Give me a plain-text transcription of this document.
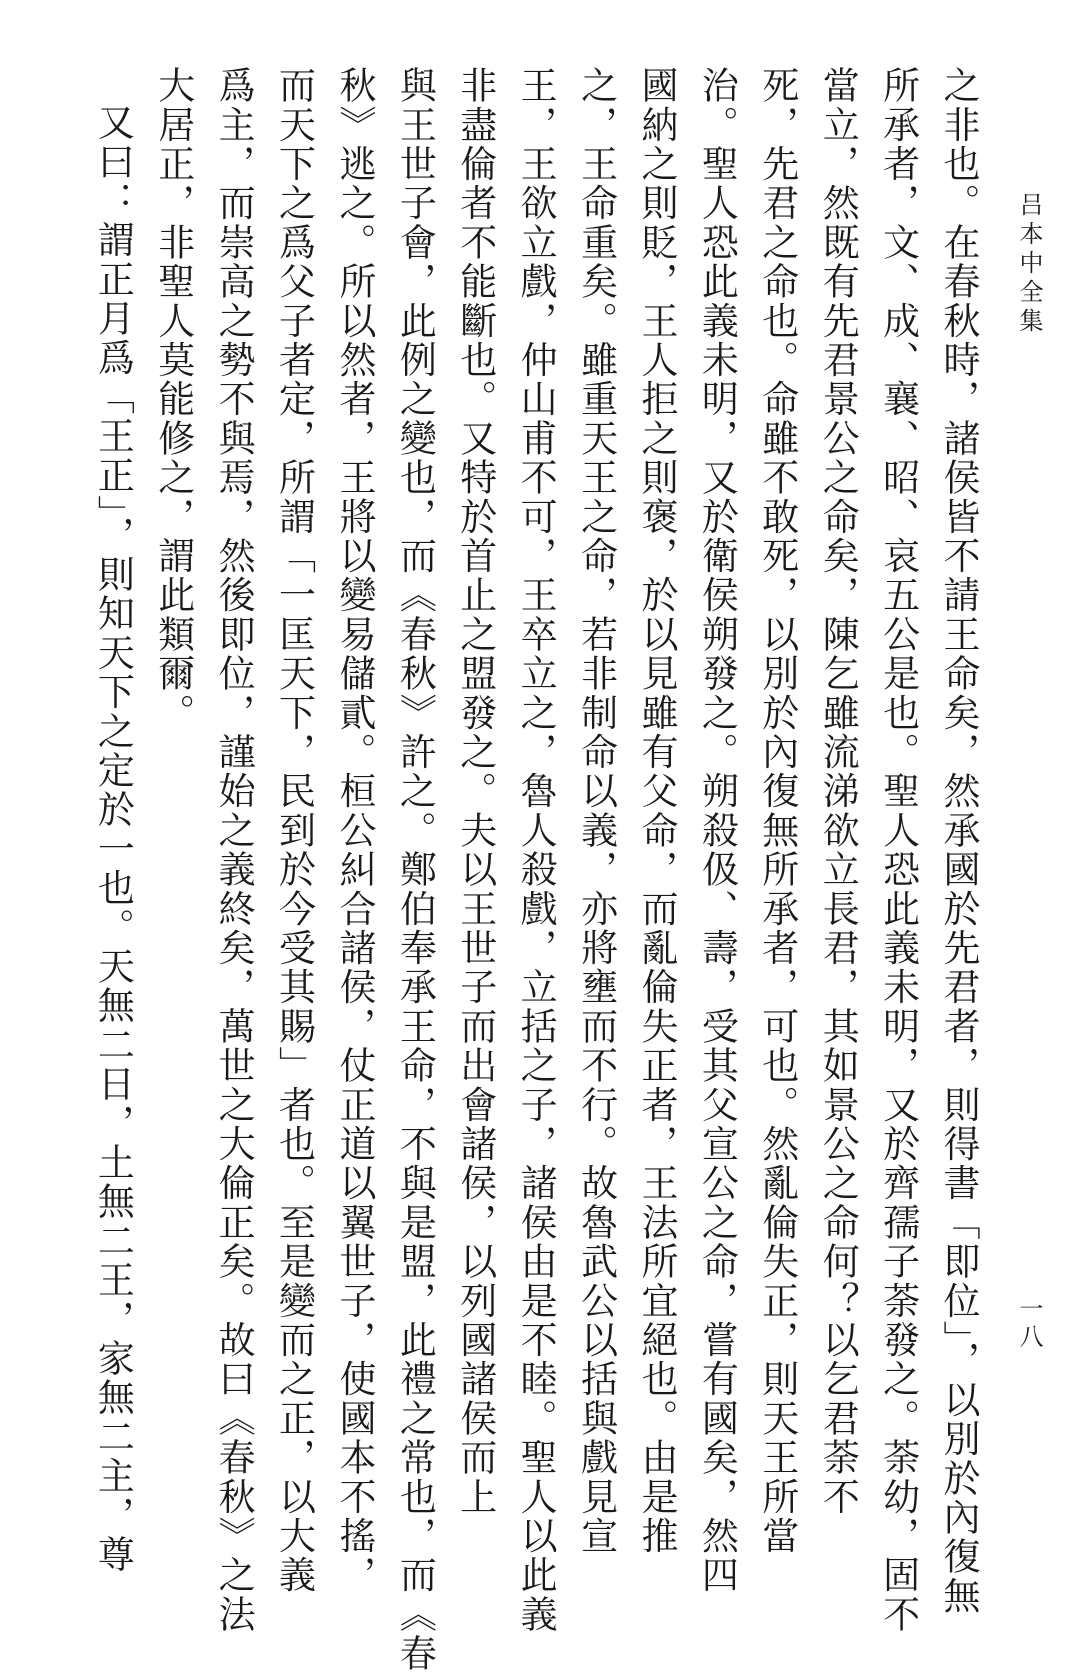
吕本中全集
一八
之非也。在春秋時，諸侯皆不請王命矣，然承國於先君者，則得書「即位」，以別於內復無
所承者，文、成、襄、昭、哀五公是也。聖人恐此義未明，又於齊孺子荼發之。荼幼，固不
當立，然既有先君景公之命矣，陳乞雖流涕欲立長君，其如景公之命何？以乞君荼不
死，先君之命也。命雖不敢死，以別於內復無所承者，可也。然亂倫失正，則天王所當
治。聖人恐此義未明，又於衛侯朔發之。朔殺伋、壽，受其父宣公之命，嘗有國矣，然四
國納之則貶，王人拒之則褒，於以見雖有父命，而亂倫失正者，王法所宜絕也。由是推
之，王命重矣。雖重天王之命，若非制命以義，亦將壅而不行。故魯武公以括與戲見宣
王，王欲立戲，仲山甫不可，王卒立之，魯人殺戲，立括之子，諸侯由是不睦。聖人以此義
非盡倫者不能斷也。又特於首止之盟發之。夫以王世子而出會諸侯，以列國諸侯而上
與王世子會，此例之變也，而《春秋》許之。鄭伯奉承王命，不與是盟，此禮之常也，而《春
秋》逃之。所以然者，王將以變易儲貳。桓公糾合諸侯，仗正道以翼世子，使國本不搖，
而天下之爲父子者定，所謂「一匡天下，民到於今受其賜」者也。至是變而之正，以大義
爲主，而崇高之勢不與焉，然後即位，謹始之義終矣，萬世之大倫正矣。故曰《春秋》之法
大居正，非聖人莫能修之，謂此類爾。
又曰：謂正月爲「王正」，則知天下之定於一也。天無二日，土無二王，家無二主，尊
